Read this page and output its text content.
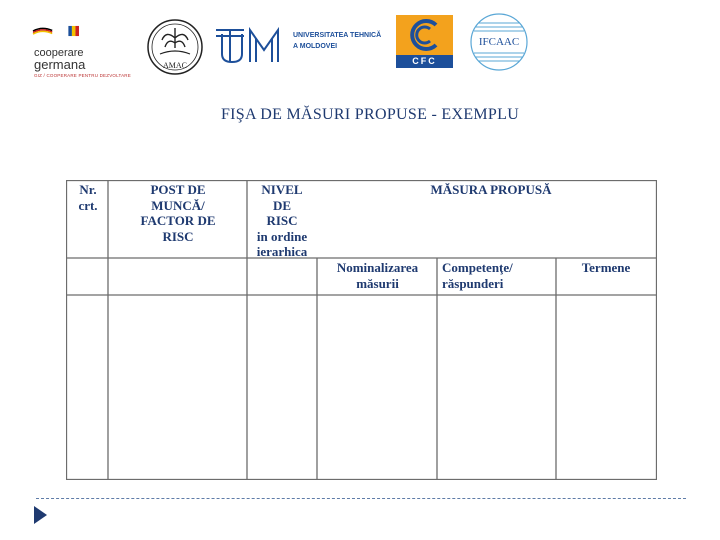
cooperare
germana
GIZ / COOPERARE PENTRU DEZVOLTARE
AMAC
UNIVERSITATEA TEHNICĂ
A MOLDOVEI
CFC
IFCAAC
FIŞA DE MĂSURI PROPUSE - EXEMPLU
Nr.
crt.
POST DE
MUNCĂ/
FACTOR DE
RISC
NIVEL
DE
RISC
in ordine
ierarhica
MĂSURA PROPUSĂ
Nominalizarea
măsurii
Competenţe/
răspunderi
Termene
